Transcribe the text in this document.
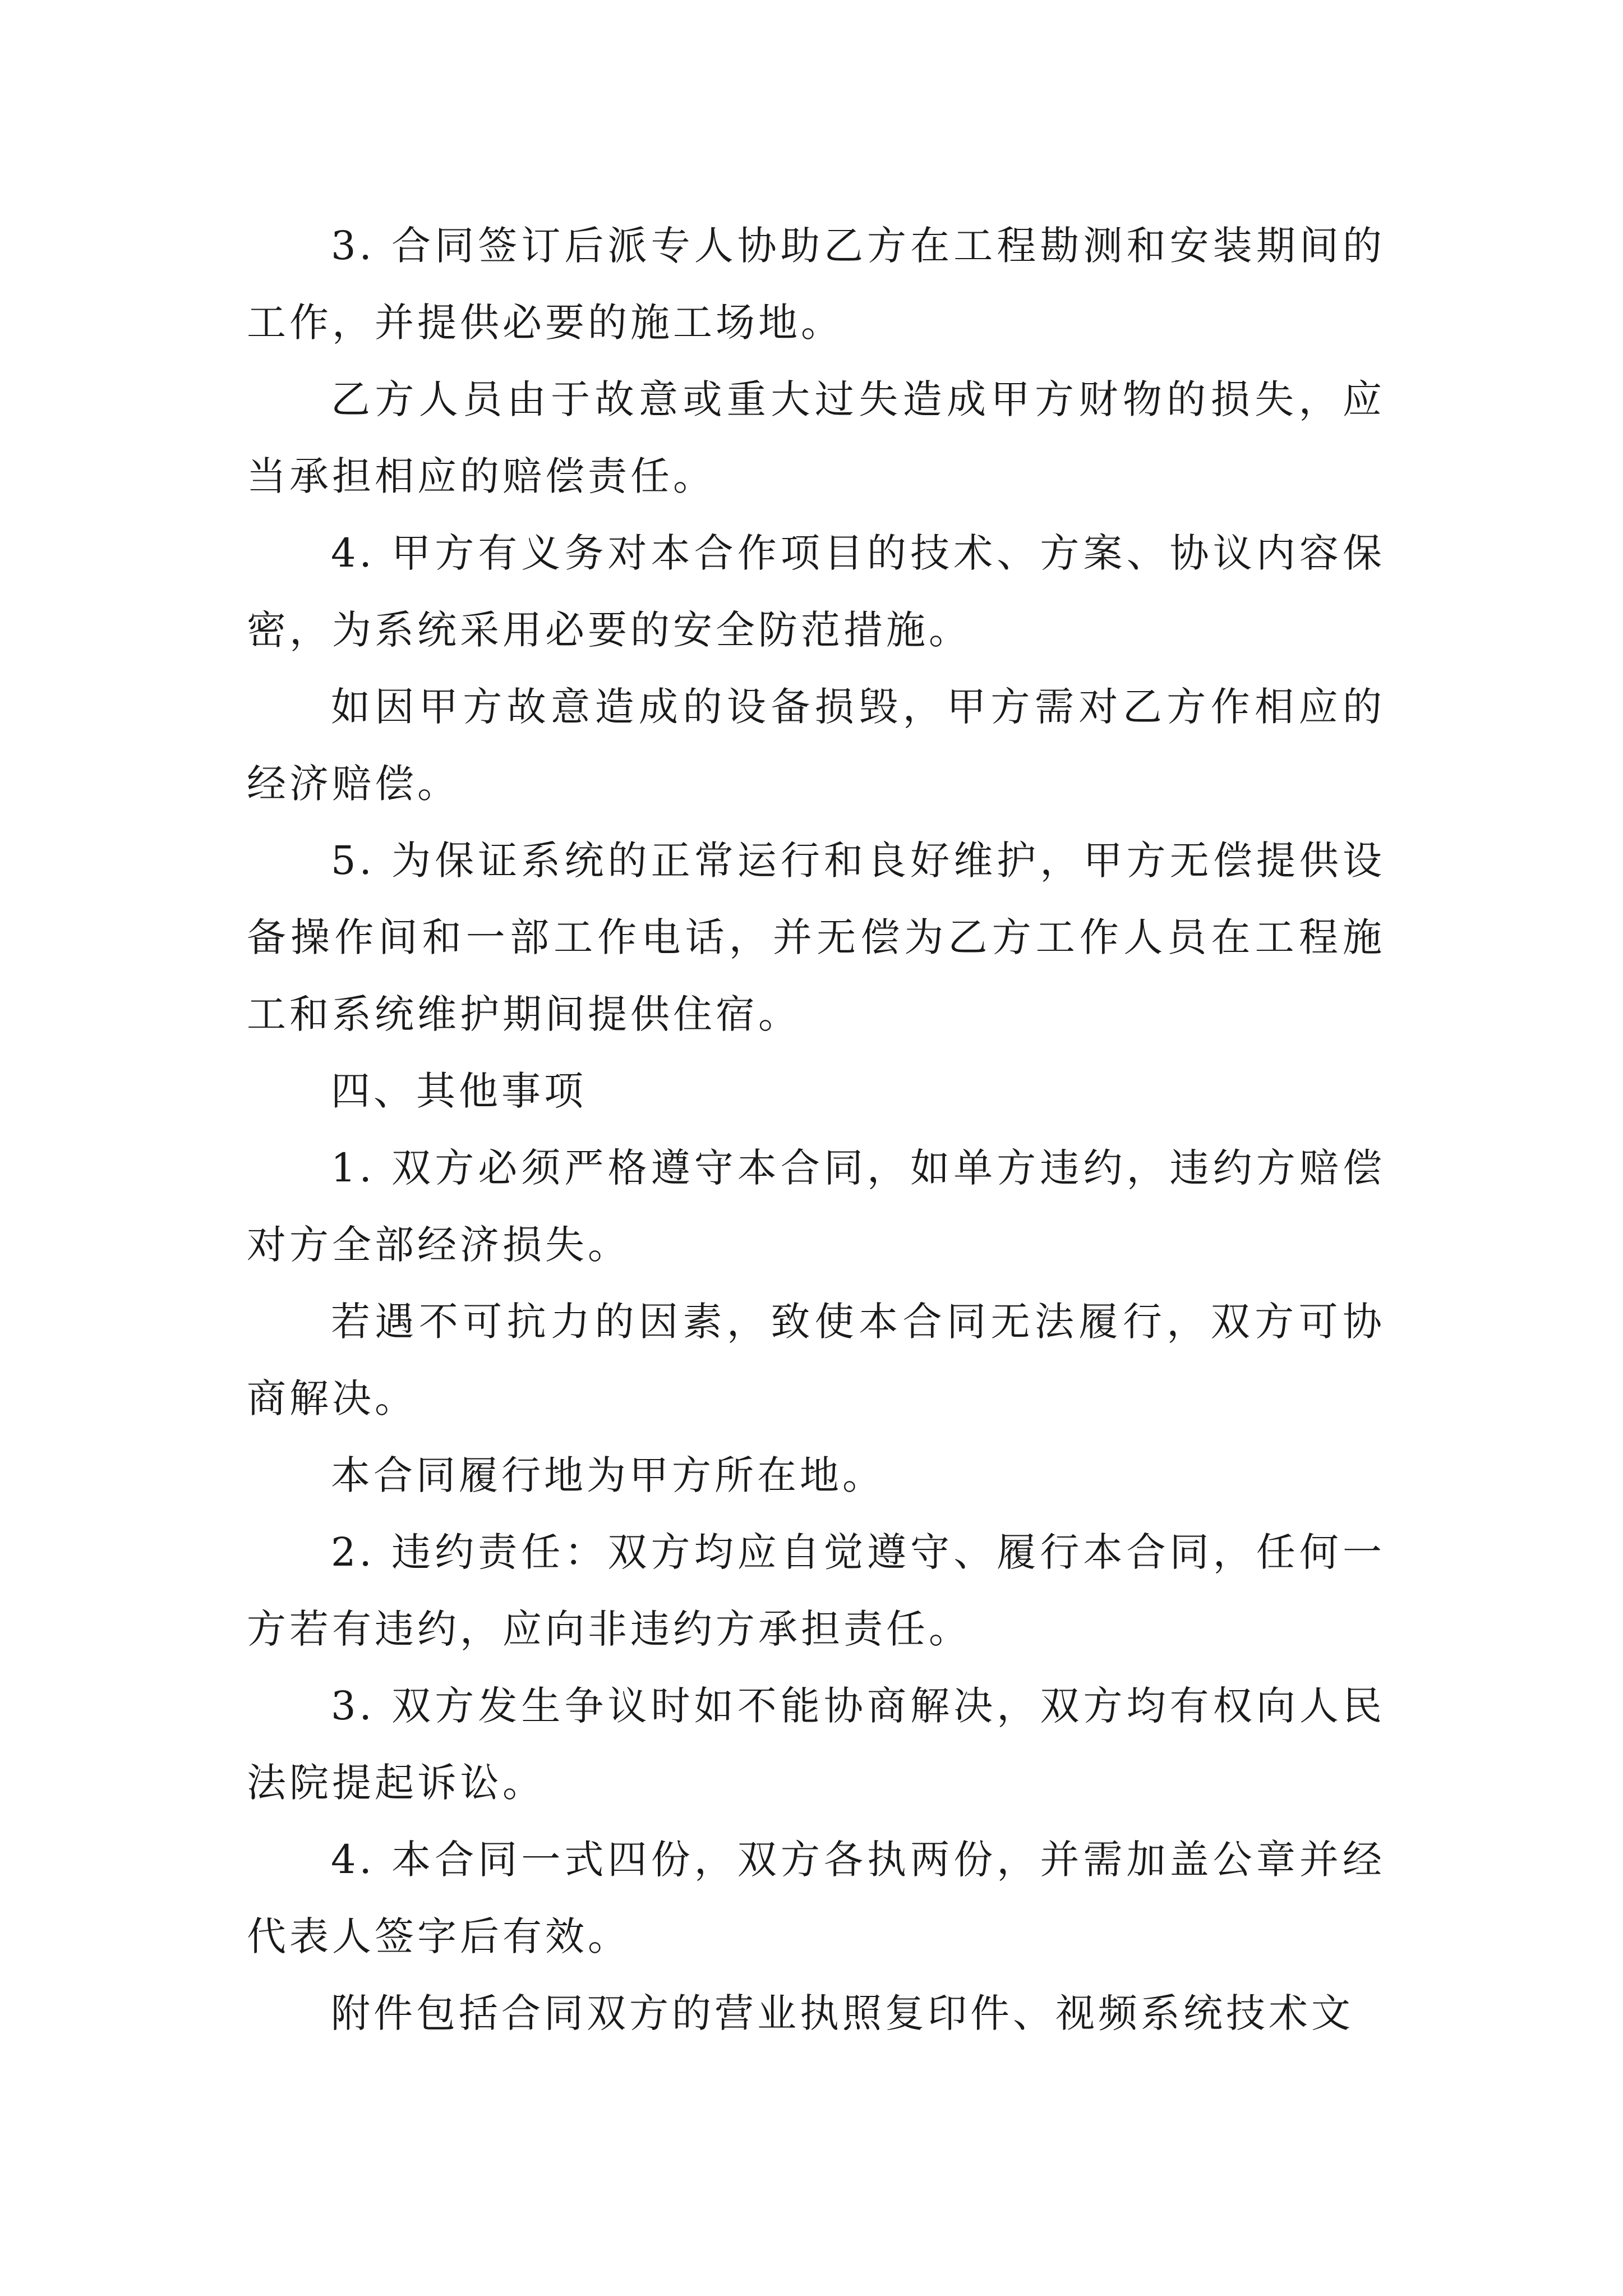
3. 合同签订后派专人协助乙方在工程勘测和安装期间的工作，并提供必要的施工场地。

乙方人员由于故意或重大过失造成甲方财物的损失，应当承担相应的赔偿责任。

4. 甲方有义务对本合作项目的技术、方案、协议内容保密，为系统采用必要的安全防范措施。

如因甲方故意造成的设备损毁，甲方需对乙方作相应的经济赔偿。

5. 为保证系统的正常运行和良好维护，甲方无偿提供设备操作间和一部工作电话，并无偿为乙方工作人员在工程施工和系统维护期间提供住宿。

四、其他事项

1. 双方必须严格遵守本合同，如单方违约，违约方赔偿对方全部经济损失。

若遇不可抗力的因素，致使本合同无法履行，双方可协商解决。

本合同履行地为甲方所在地。

2. 违约责任：双方均应自觉遵守、履行本合同，任何一方若有违约，应向非违约方承担责任。

3. 双方发生争议时如不能协商解决，双方均有权向人民法院提起诉讼。

4. 本合同一式四份，双方各执两份，并需加盖公章并经代表人签字后有效。

附件包括合同双方的营业执照复印件、视频系统技术文
